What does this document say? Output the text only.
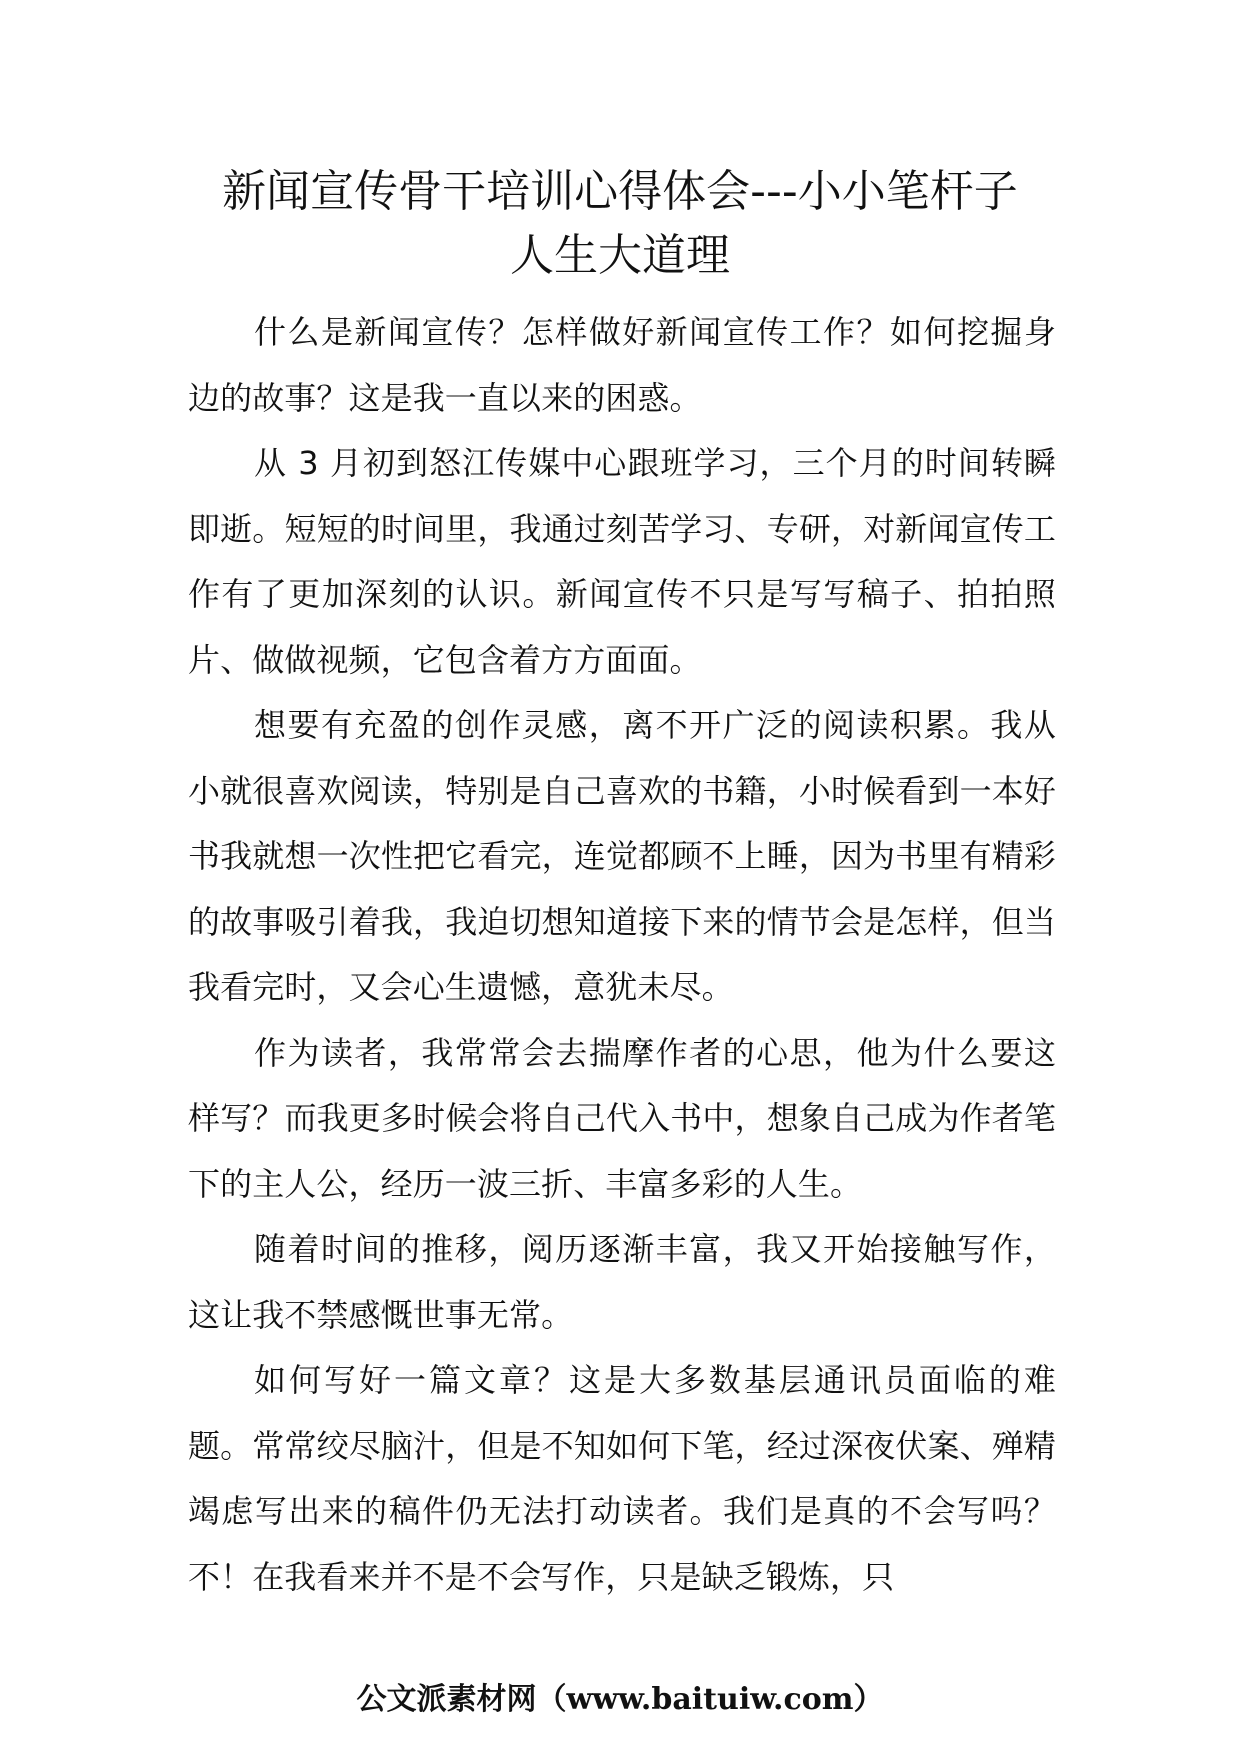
新闻宣传骨干培训心得体会---小小笔杆子
人生大道理

什么是新闻宣传？怎样做好新闻宣传工作？如何挖掘身边的故事？这是我一直以来的困惑。

从 3 月初到怒江传媒中心跟班学习，三个月的时间转瞬即逝。短短的时间里，我通过刻苦学习、专研，对新闻宣传工作有了更加深刻的认识。新闻宣传不只是写写稿子、拍拍照片、做做视频，它包含着方方面面。

想要有充盈的创作灵感，离不开广泛的阅读积累。我从小就很喜欢阅读，特别是自己喜欢的书籍，小时候看到一本好书我就想一次性把它看完，连觉都顾不上睡，因为书里有精彩的故事吸引着我，我迫切想知道接下来的情节会是怎样，但当我看完时，又会心生遗憾，意犹未尽。

作为读者，我常常会去揣摩作者的心思，他为什么要这样写？而我更多时候会将自己代入书中，想象自己成为作者笔下的主人公，经历一波三折、丰富多彩的人生。

随着时间的推移，阅历逐渐丰富，我又开始接触写作，这让我不禁感慨世事无常。

如何写好一篇文章？这是大多数基层通讯员面临的难题。常常绞尽脑汁，但是不知如何下笔，经过深夜伏案、殚精竭虑写出来的稿件仍无法打动读者。我们是真的不会写吗？不！在我看来并不是不会写作，只是缺乏锻炼，只

公文派素材网（www.baituiw.com）
